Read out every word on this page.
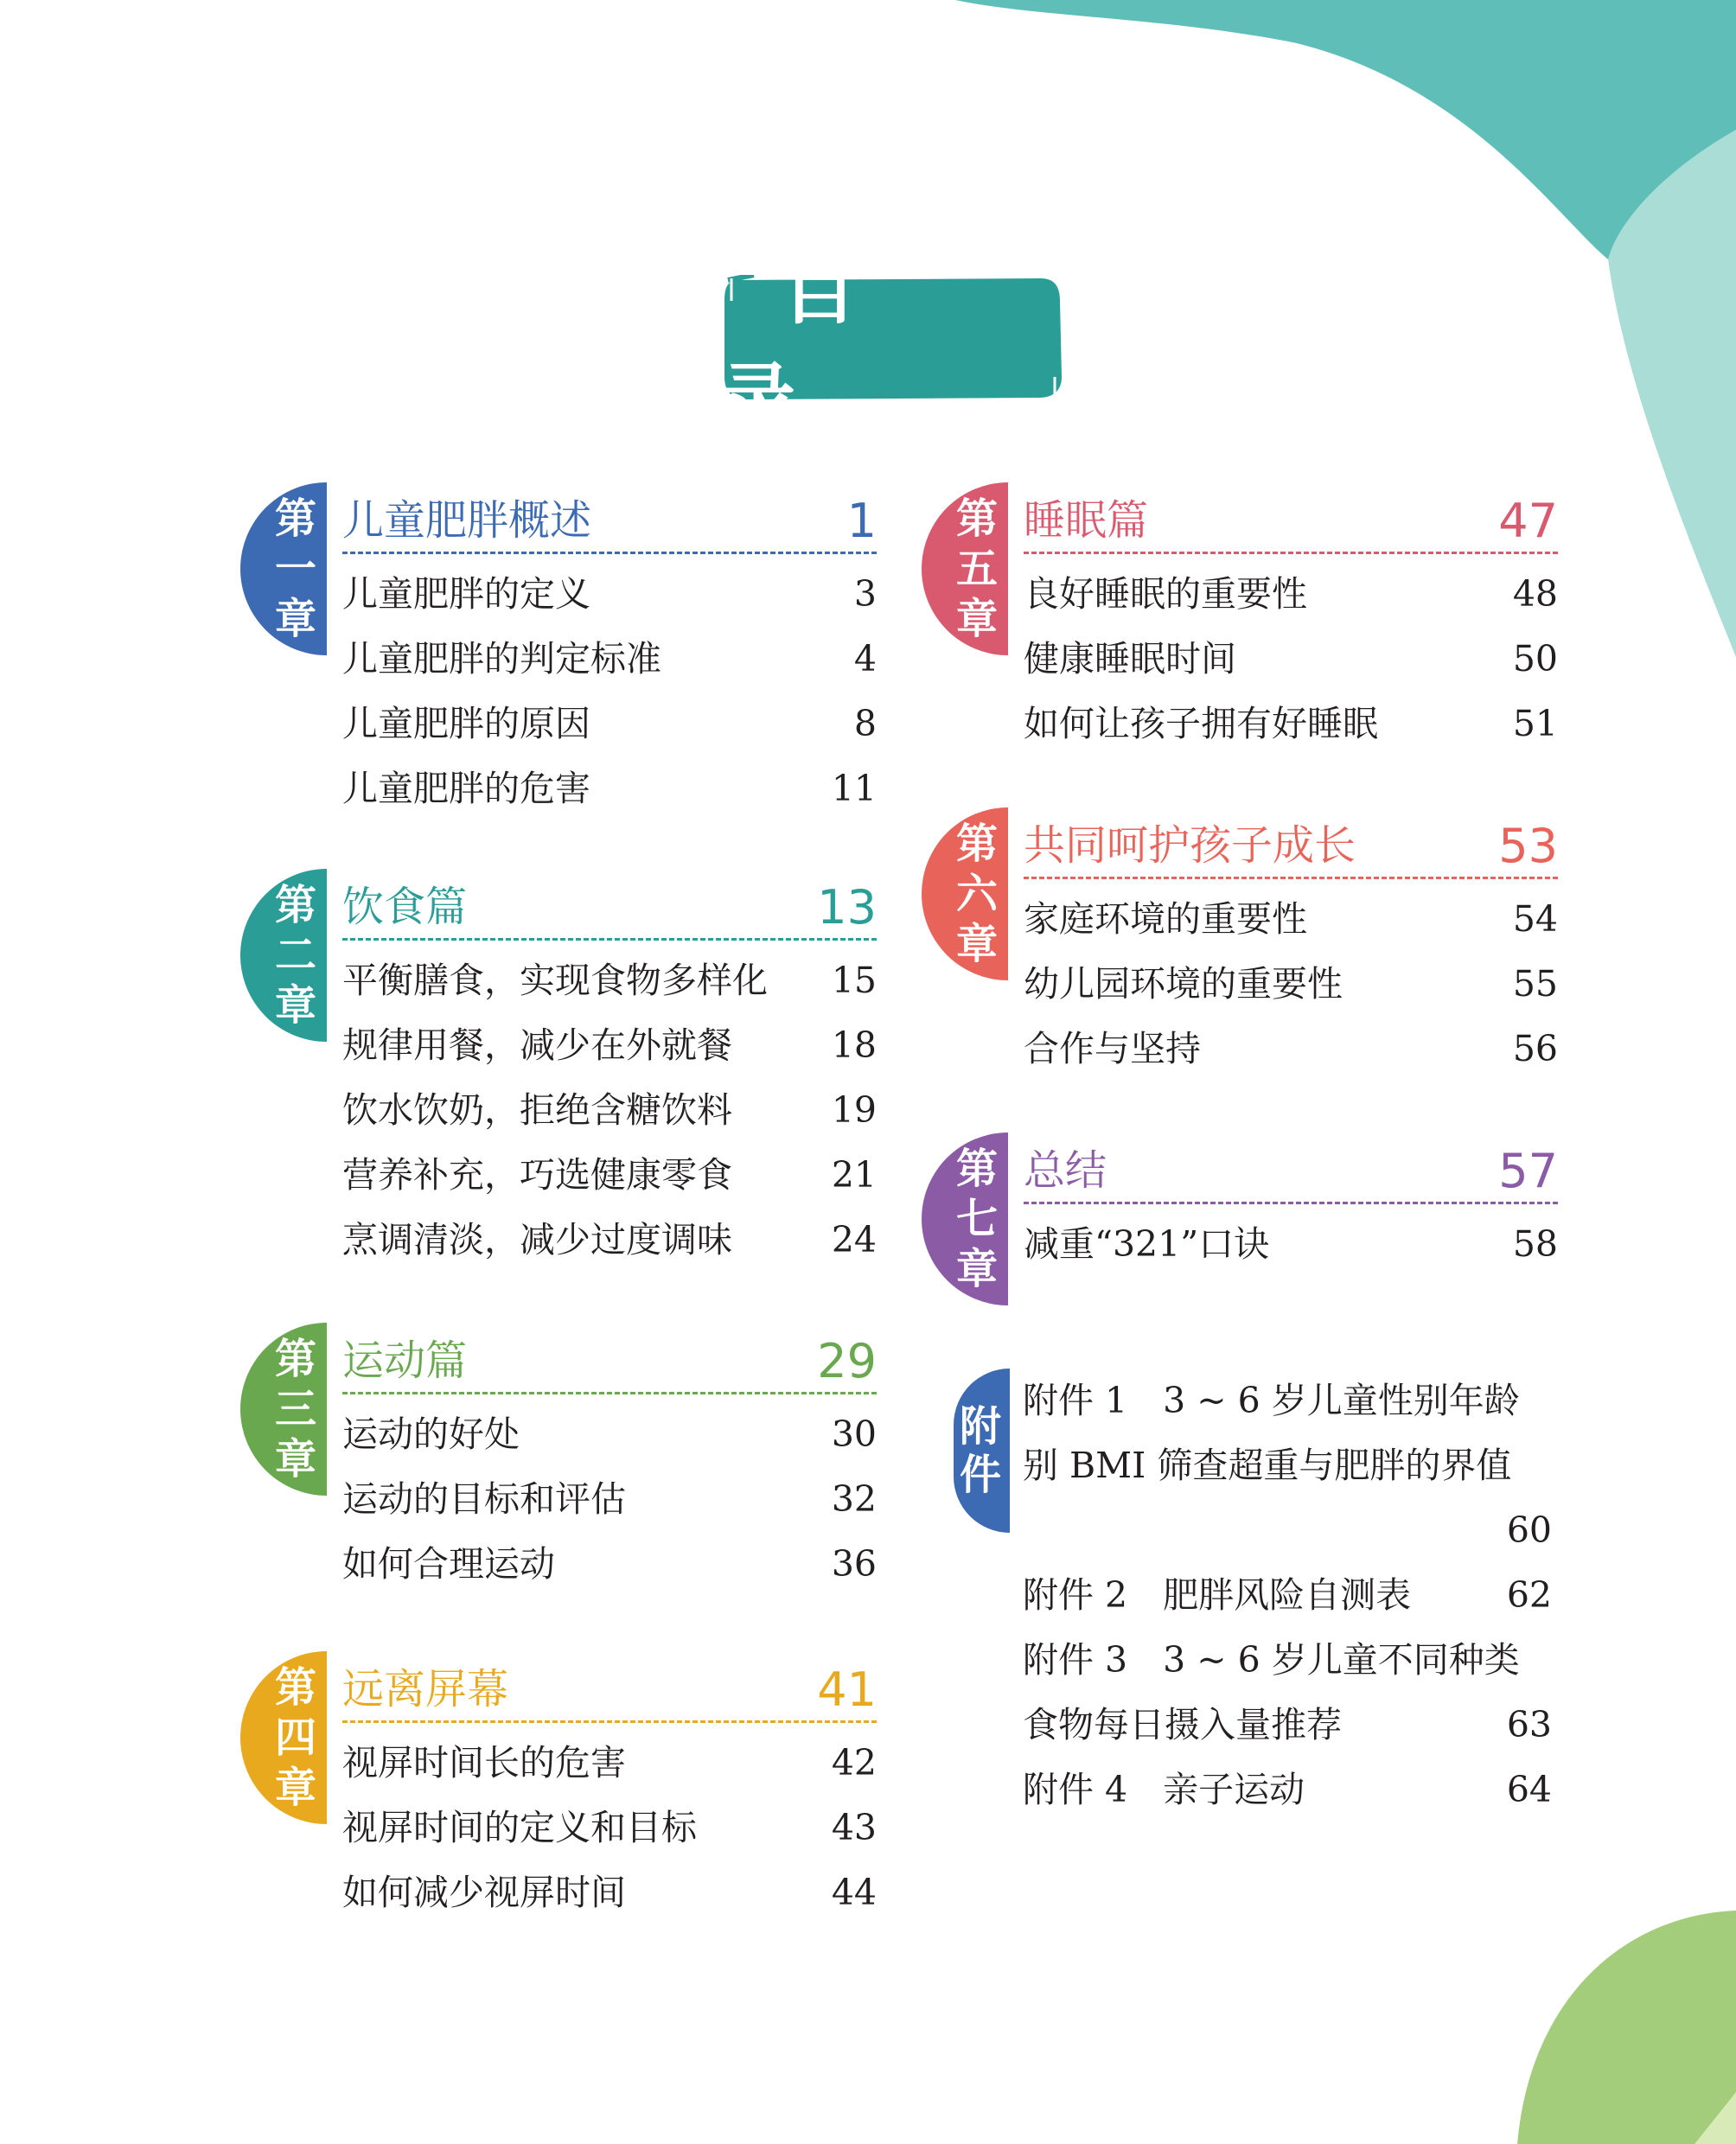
目 录
第
一
章
儿童肥胖概述	1
儿童肥胖的定义	3
儿童肥胖的判定标准	4
儿童肥胖的原因	8
儿童肥胖的危害	11
第
二
章
饮食篇	13
平衡膳食，实现食物多样化 15
规律用餐，减少在外就餐	18
饮水饮奶，拒绝含糖饮料	19
营养补充，巧选健康零食	21
烹调清淡，减少过度调味	24
第
三
章
运动篇	29
运动的好处	30
运动的目标和评估	32
如何合理运动	36
第
四
章
远离屏幕	41
视屏时间长的危害	42
视屏时间的定义和目标	43
如何减少视屏时间	44
第
五
章
睡眠篇	47
良好睡眠的重要性	48
健康睡眠时间	50
如何让孩子拥有好睡眠	51
第
六
章
共同呵护孩子成长	53
家庭环境的重要性	54
幼儿园环境的重要性	55
合作与坚持	56
第
七
章
总结	57
减重“321”口诀	58
附件 1　3 ~ 6 岁儿童性别年龄
别 BMI 筛查超重与肥胖的界值
60
附件 2　肥胖风险自测表	62
附件 3　3 ~ 6 岁儿童不同种类
食物每日摄入量推荐	63
附件 4　亲子运动	64
附
件
